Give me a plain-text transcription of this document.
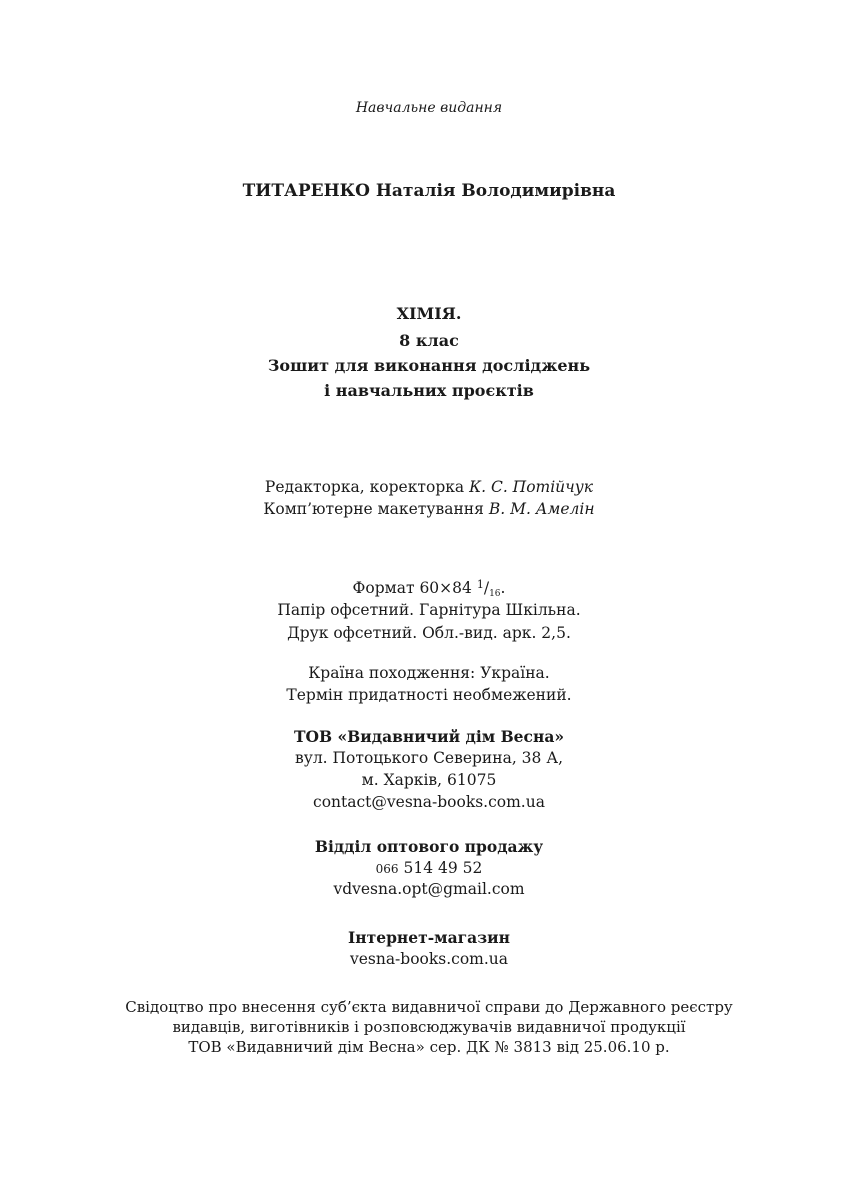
Навчальне видання
ТИТАРЕНКО Наталія Володимирівна
ХІМІЯ.
8 клас
Зошит для виконання досліджень
і навчальних проєктів
Редакторка, коректорка К. С. Потійчук
Комп’ютерне макетування В. М. Амелін
Формат 60×84 $^1/_{16}$.
Папір офсетний. Гарнітура Шкільна.
Друк офсетний. Обл.-вид. арк. 2,5.
Країна походження: Україна.
Термін придатності необмежений.
ТОВ «Видавничий дім Весна»
вул. Потоцького Северина, 38 А,
м. Харків, 61075
contact@vesna-books.com.ua
Відділ оптового продажу
066 514 49 52
vdvesna.opt@gmail.com
Інтернет-магазин
vesna-books.com.ua
Свідоцтво про внесення суб’єкта видавничої справи до Державного реєстру
видавців, виготівників і розповсюджувачів видавничої продукції
ТОВ «Видавничий дім Весна» сер. ДК № 3813 від 25.06.10 р.
